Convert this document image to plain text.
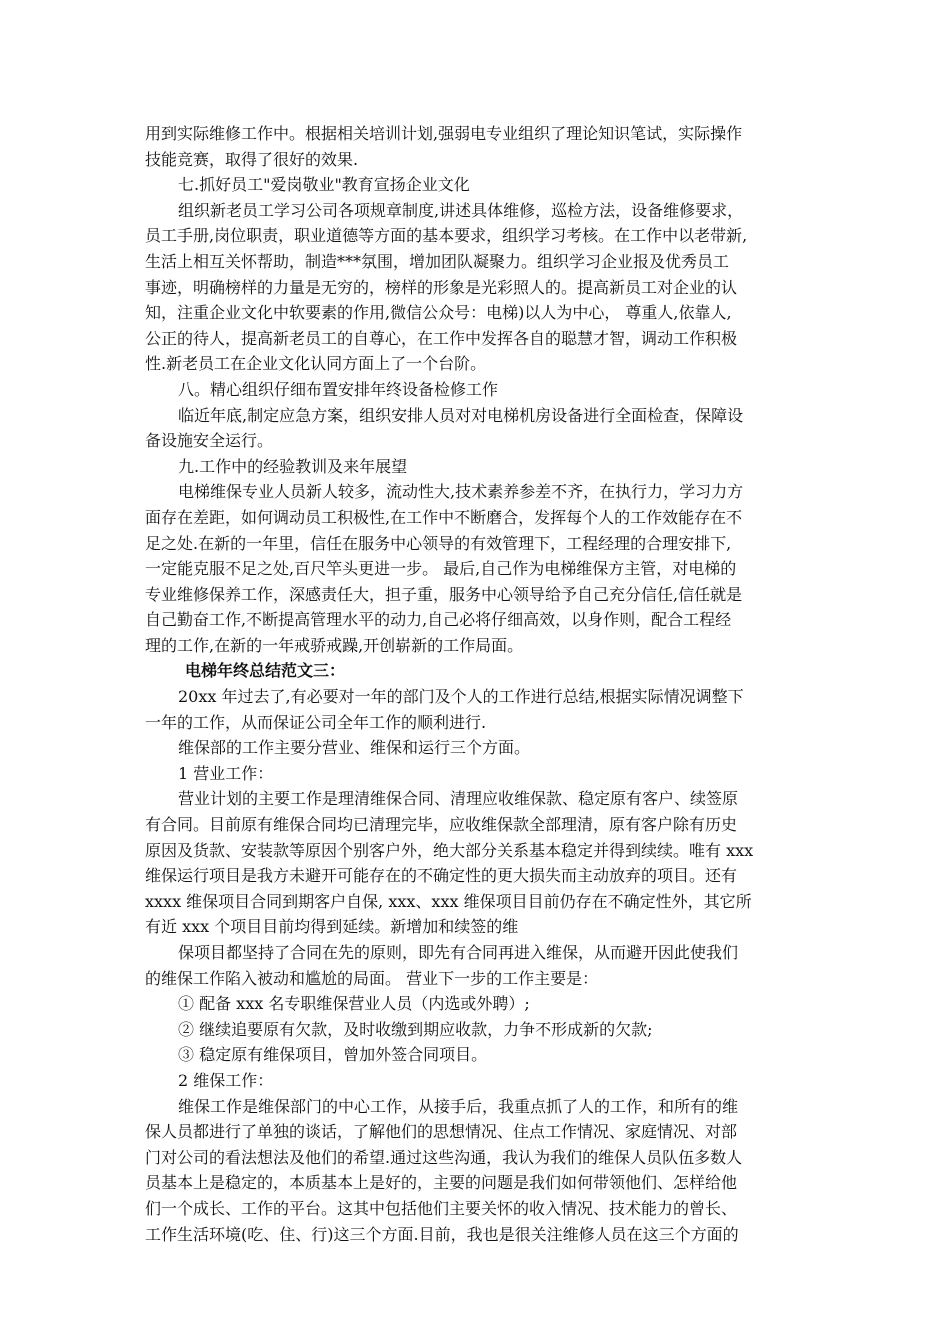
用到实际维修工作中。根据相关培训计划,强弱电专业组织了理论知识笔试，实际操作
技能竞赛，取得了很好的效果.
七.抓好员工"爱岗敬业"教育宣扬企业文化
组织新老员工学习公司各项规章制度,讲述具体维修，巡检方法，设备维修要求，
员工手册,岗位职责，职业道德等方面的基本要求，组织学习考核。在工作中以老带新,
生活上相互关怀帮助，制造***氛围，增加团队凝聚力。组织学习企业报及优秀员工
事迹，明确榜样的力量是无穷的，榜样的形象是光彩照人的。提高新员工对企业的认
知，注重企业文化中软要素的作用,微信公众号：电梯)以人为中心， 尊重人,依靠人,
公正的待人，提高新老员工的自尊心，在工作中发挥各自的聪慧才智，调动工作积极
性.新老员工在企业文化认同方面上了一个台阶。
八。精心组织仔细布置安排年终设备检修工作
临近年底,制定应急方案，组织安排人员对对电梯机房设备进行全面检查，保障设
备设施安全运行。
九.工作中的经验教训及来年展望
电梯维保专业人员新人较多，流动性大,技术素养参差不齐，在执行力，学习力方
面存在差距，如何调动员工积极性,在工作中不断磨合，发挥每个人的工作效能存在不
足之处.在新的一年里，信任在服务中心领导的有效管理下，工程经理的合理安排下,
一定能克服不足之处,百尺竿头更进一步。 最后,自己作为电梯维保方主管，对电梯的
专业维修保养工作，深感责任大，担子重，服务中心领导给予自己充分信任,信任就是
自己勤奋工作,不断提高管理水平的动力,自己必将仔细高效，以身作则，配合工程经
理的工作,在新的一年戒骄戒躁,开创崭新的工作局面。
电梯年终总结范文三：
20xx 年过去了,有必要对一年的部门及个人的工作进行总结,根据实际情况调整下
一年的工作，从而保证公司全年工作的顺利进行.
维保部的工作主要分营业、维保和运行三个方面。
1 营业工作：
营业计划的主要工作是理清维保合同、清理应收维保款、稳定原有客户、续签原
有合同。目前原有维保合同均已清理完毕，应收维保款全部理清，原有客户除有历史
原因及货款、安装款等原因个别客户外，绝大部分关系基本稳定并得到续续。唯有 xxx
维保运行项目是我方未避开可能存在的不确定性的更大损失而主动放弃的项目。还有
xxxx 维保项目合同到期客户自保, xxx、xxx 维保项目目前仍存在不确定性外，其它所
有近 xxx 个项目目前均得到延续。新增加和续签的维
保项目都坚持了合同在先的原则，即先有合同再进入维保，从而避开因此使我们
的维保工作陷入被动和尴尬的局面。 营业下一步的工作主要是：
① 配备 xxx 名专职维保营业人员（内选或外聘）;
② 继续追要原有欠款，及时收缴到期应收款，力争不形成新的欠款;
③ 稳定原有维保项目，曾加外签合同项目。
2 维保工作：
维保工作是维保部门的中心工作，从接手后，我重点抓了人的工作，和所有的维
保人员都进行了单独的谈话，了解他们的思想情况、住点工作情况、家庭情况、对部
门对公司的看法想法及他们的希望.通过这些沟通，我认为我们的维保人员队伍多数人
员基本上是稳定的，本质基本上是好的，主要的问题是我们如何带领他们、怎样给他
们一个成长、工作的平台。这其中包括他们主要关怀的收入情况、技术能力的曾长、
工作生活环境(吃、住、行)这三个方面.目前，我也是很关注维修人员在这三个方面的
